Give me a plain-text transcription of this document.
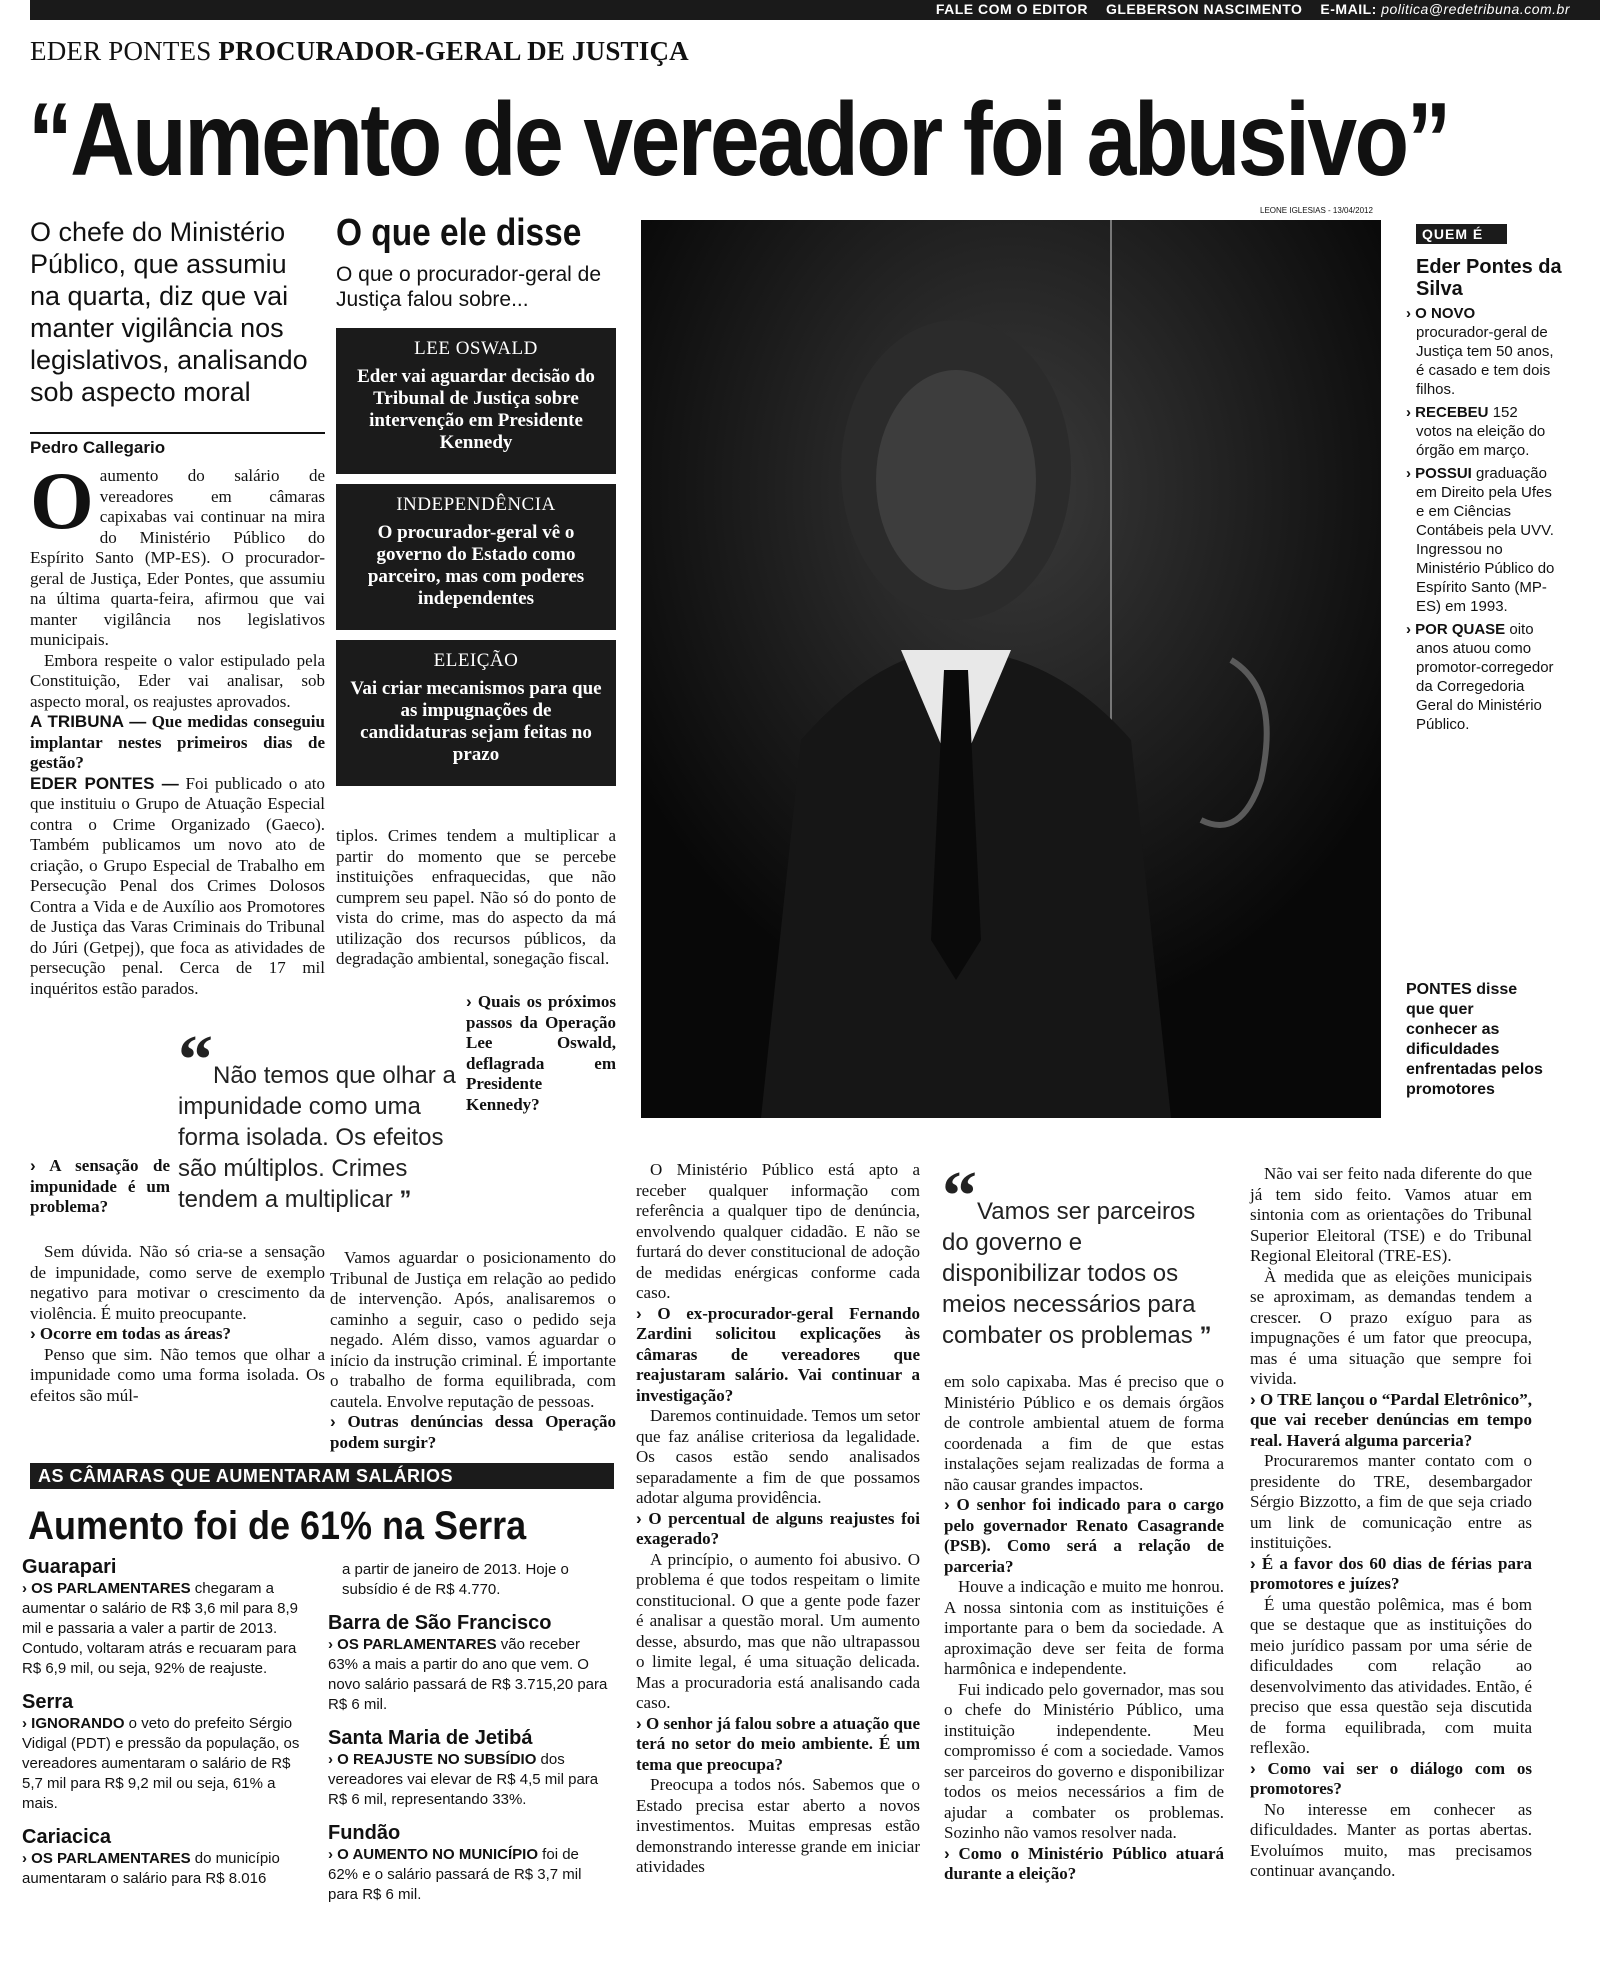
FALE COM O EDITOR GLEBERSON NASCIMENTO E-MAIL: politica@redetribuna.com.br
EDER PONTES PROCURADOR-GERAL DE JUSTIÇA
“Aumento de vereador foi abusivo”
O chefe do Ministério Público, que assumiu na quarta, diz que vai manter vigilância nos legislativos, analisando sob aspecto moral
Pedro Callegario

O aumento do salário de vereadores em câmaras capixabas vai continuar na mira do Ministério Público do Espírito Santo (MP-ES). O procurador-geral de Justiça, Eder Pontes, que assumiu na última quarta-feira, afirmou que vai manter vigilância nos legislativos municipais.

Embora respeite o valor estipulado pela Constituição, Eder vai analisar, sob aspecto moral, os reajustes aprovados.

A TRIBUNA — Que medidas conseguiu implantar nestes primeiros dias de gestão?

EDER PONTES — Foi publicado o ato que instituiu o Grupo de Atuação Especial contra o Crime Organizado (Gaeco). Também publicamos um novo ato de criação, o Grupo Especial de Trabalho em Persecução Penal dos Crimes Dolosos Contra a Vida e de Auxílio aos Promotores de Justiça das Varas Criminais do Tribunal do Júri (Getpej), que foca as atividades de persecução penal. Cerca de 17 mil inquéritos estão parados.

› A sensação de impunidade é um problema?

Sem dúvida. Não só cria-se a sensação de impunidade, como serve de exemplo negativo para motivar o crescimento da violência. É muito preocupante.

› Ocorre em todas as áreas?

Penso que sim. Não temos que olhar a impunidade como uma forma isolada. Os efeitos são múl-

O que ele disse
O que o procurador-geral de Justiça falou sobre...
LEE OSWALD
Eder vai aguardar decisão do Tribunal de Justiça sobre intervenção em Presidente Kennedy
INDEPENDÊNCIA
O procurador-geral vê o governo do Estado como parceiro, mas com poderes independentes
ELEIÇÃO
Vai criar mecanismos para que as impugnações de candidaturas sejam feitas no prazo

tiplos. Crimes tendem a multiplicar a partir do momento que se percebe instituições enfraquecidas, que não cumprem seu papel. Não só do ponto de vista do crime, mas do aspecto da má utilização dos recursos públicos, da degradação ambiental, sonegação fiscal.

› Quais os próximos passos da Operação Lee Oswald, deflagrada em Presidente Kennedy?

Vamos aguardar o posicionamento do Tribunal de Justiça em relação ao pedido de intervenção. Após, analisaremos o caminho a seguir, caso o pedido seja negado. Além disso, vamos aguardar o início da instrução criminal. É importante o trabalho de forma equilibrada, com cautela. Envolve reputação de pessoas.

› Outras denúncias dessa Operação podem surgir?

“Não temos que olhar a impunidade como uma forma isolada. Os efeitos são múltiplos. Crimes tendem a multiplicar ”
LEONE IGLESIAS - 13/04/2012
QUEM É
Eder Pontes da Silva
› O NOVO procurador-geral de Justiça tem 50 anos, é casado e tem dois filhos.
› RECEBEU 152 votos na eleição do órgão em março.
› POSSUI graduação em Direito pela Ufes e em Ciências Contábeis pela UVV. Ingressou no Ministério Público do Espírito Santo (MP-ES) em 1993.
› POR QUASE oito anos atuou como promotor-corregedor da Corregedoria Geral do Ministério Público.
PONTES disse que quer conhecer as dificuldades enfrentadas pelos promotores

O Ministério Público está apto a receber qualquer informação com referência a qualquer tipo de denúncia, envolvendo qualquer cidadão. E não se furtará do dever constitucional de adoção de medidas enérgicas conforme cada caso.

› O ex-procurador-geral Fernando Zardini solicitou explicações às câmaras de vereadores que reajustaram salário. Vai continuar a investigação?

Daremos continuidade. Temos um setor que faz análise criteriosa da legalidade. Os casos estão sendo analisados separadamente a fim de que possamos adotar alguma providência.

› O percentual de alguns reajustes foi exagerado?

A princípio, o aumento foi abusivo. O problema é que todos respeitam o limite constitucional. O que a gente pode fazer é analisar a questão moral. Um aumento desse, absurdo, mas que não ultrapassou o limite legal, é uma situação delicada. Mas a procuradoria está analisando cada caso.

› O senhor já falou sobre a atuação que terá no setor do meio ambiente. É um tema que preocupa?

Preocupa a todos nós. Sabemos que o Estado precisa estar aberto a novos investimentos. Muitas empresas estão demonstrando interesse grande em iniciar atividades

“Vamos ser parceiros do governo e disponibilizar todos os meios necessários para combater os problemas ”

em solo capixaba. Mas é preciso que o Ministério Público e os demais órgãos de controle ambiental atuem de forma coordenada a fim de que estas instalações sejam realizadas de forma a não causar grandes impactos.

› O senhor foi indicado para o cargo pelo governador Renato Casagrande (PSB). Como será a relação de parceria?

Houve a indicação e muito me honrou. A nossa sintonia com as instituições é importante para o bem da sociedade. A aproximação deve ser feita de forma harmônica e independente.

Fui indicado pelo governador, mas sou o chefe do Ministério Público, uma instituição independente. Meu compromisso é com a sociedade. Vamos ser parceiros do governo e disponibilizar todos os meios necessários a fim de ajudar a combater os problemas. Sozinho não vamos resolver nada.

› Como o Ministério Público atuará durante a eleição?

Não vai ser feito nada diferente do que já tem sido feito. Vamos atuar em sintonia com as orientações do Tribunal Superior Eleitoral (TSE) e do Tribunal Regional Eleitoral (TRE-ES).

À medida que as eleições municipais se aproximam, as demandas tendem a crescer. O prazo exíguo para as impugnações é um fator que preocupa, mas é uma situação que sempre foi vivida.

› O TRE lançou o “Pardal Eletrônico”, que vai receber denúncias em tempo real. Haverá alguma parceria?

Procuraremos manter contato com o presidente do TRE, desembargador Sérgio Bizzotto, a fim de que seja criado um link de comunicação entre as instituições.

› É a favor dos 60 dias de férias para promotores e juízes?

É uma questão polêmica, mas é bom que se destaque que as instituições do meio jurídico passam por uma série de dificuldades com relação ao desenvolvimento das atividades. Então, é preciso que essa questão seja discutida de forma equilibrada, com muita reflexão.

› Como vai ser o diálogo com os promotores?

No interesse em conhecer as dificuldades. Manter as portas abertas. Evoluímos muito, mas precisamos continuar avançando.

AS CÂMARAS QUE AUMENTARAM SALÁRIOS
Aumento foi de 61% na Serra
Guarapari
› OS PARLAMENTARES chegaram a aumentar o salário de R$ 3,6 mil para 8,9 mil e passaria a valer a partir de 2013. Contudo, voltaram atrás e recuaram para R$ 6,9 mil, ou seja, 92% de reajuste.
Serra
› IGNORANDO o veto do prefeito Sérgio Vidigal (PDT) e pressão da população, os vereadores aumentaram o salário de R$ 5,7 mil para R$ 9,2 mil ou seja, 61% a mais.
Cariacica
› OS PARLAMENTARES do município aumentaram o salário para R$ 8.016
a partir de janeiro de 2013. Hoje o subsídio é de R$ 4.770.
Barra de São Francisco
› OS PARLAMENTARES vão receber 63% a mais a partir do ano que vem. O novo salário passará de R$ 3.715,20 para R$ 6 mil.
Santa Maria de Jetibá
› O REAJUSTE NO SUBSÍDIO dos vereadores vai elevar de R$ 4,5 mil para R$ 6 mil, representando 33%.
Fundão
› O AUMENTO NO MUNICÍPIO foi de 62% e o salário passará de R$ 3,7 mil para R$ 6 mil.
